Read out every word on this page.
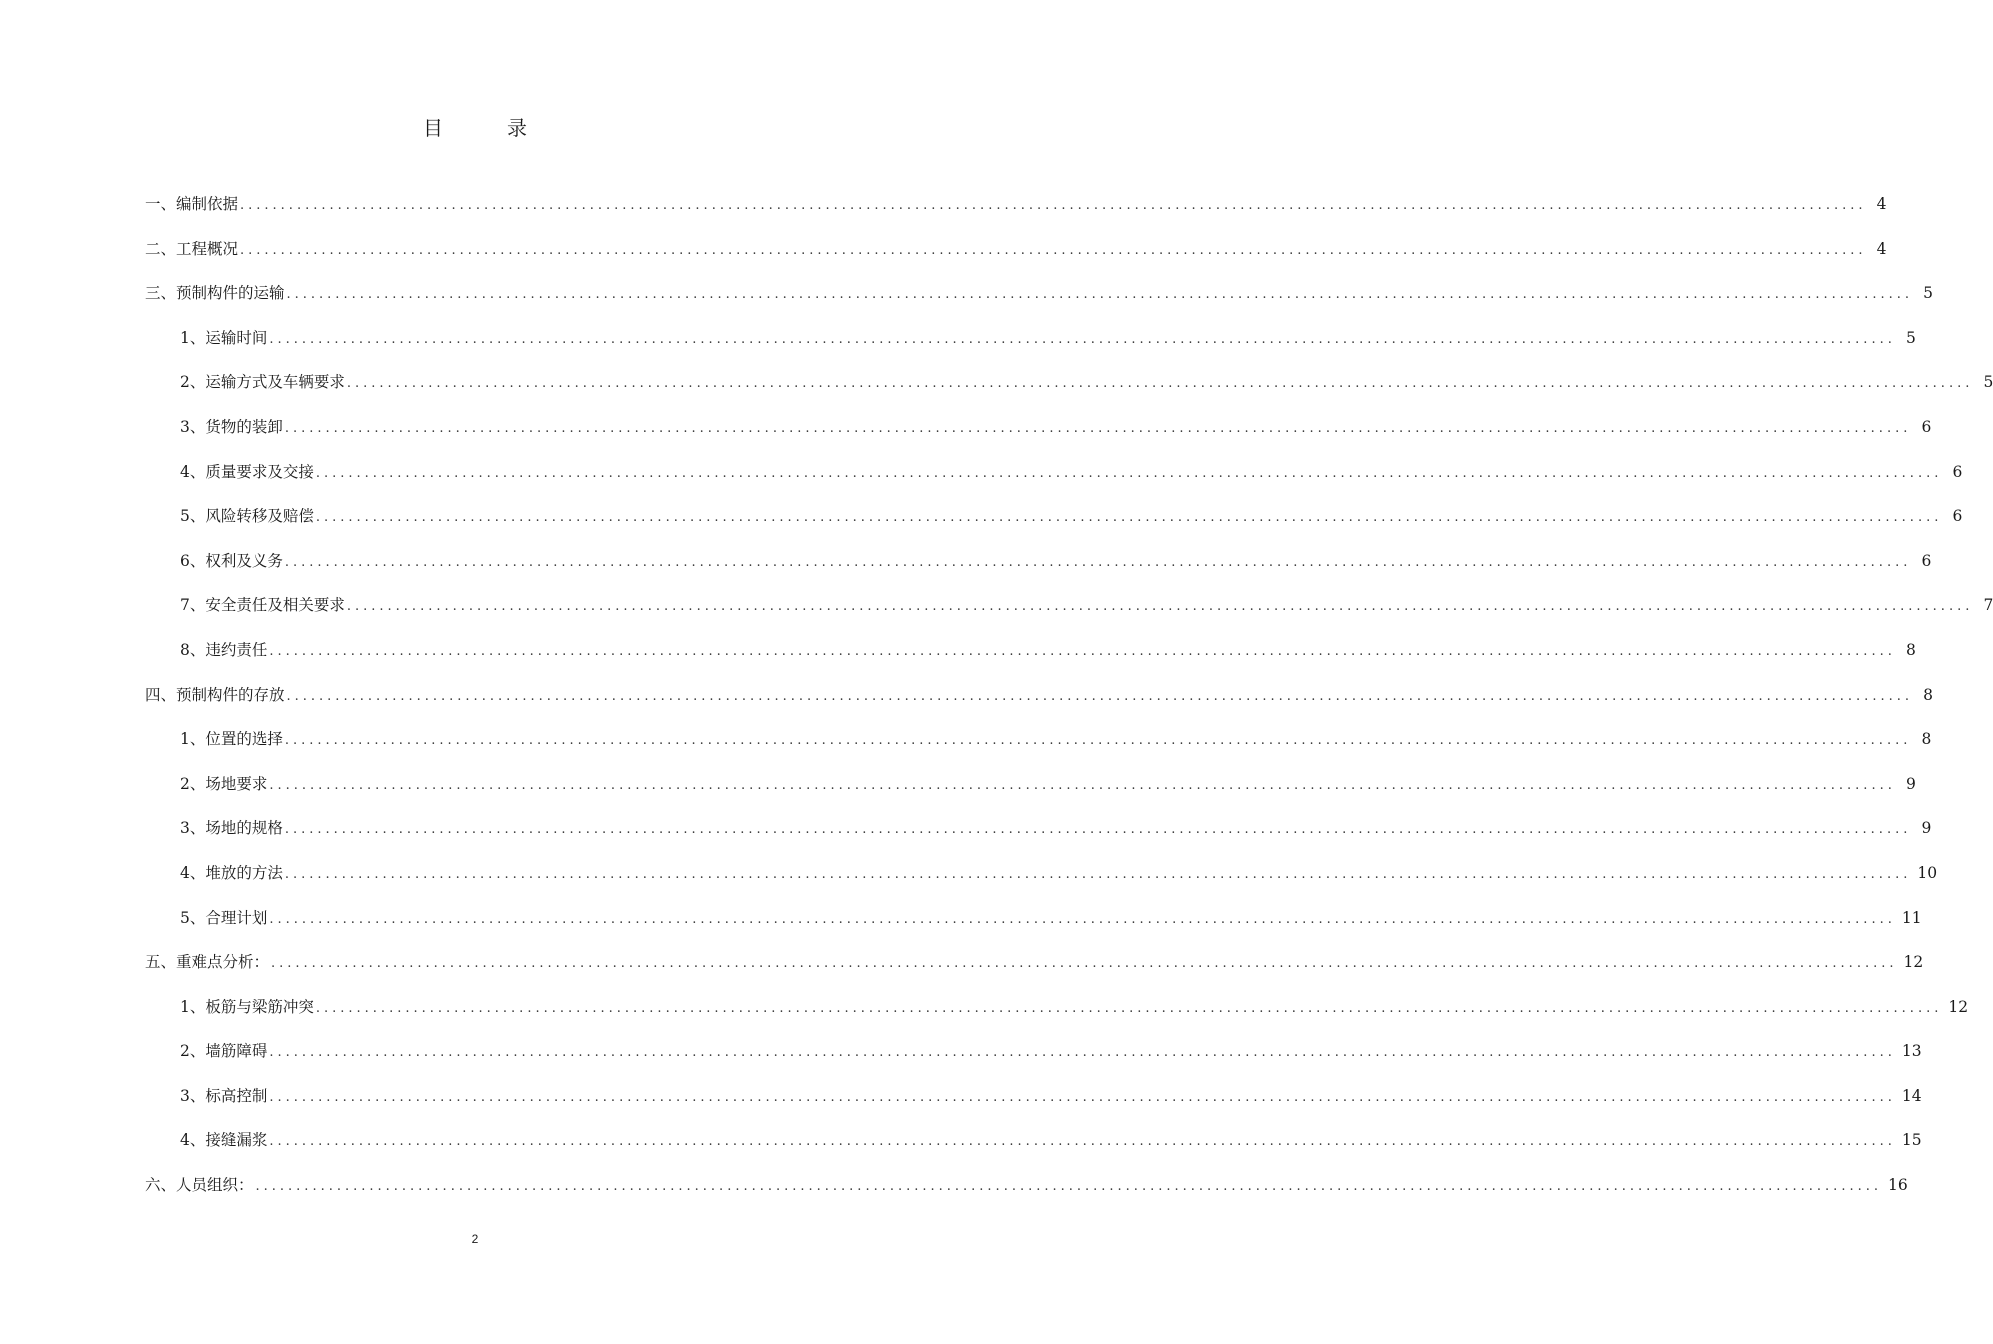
目　录
一、编制依据 ........................................................................................................................................................................................................ 4
二、工程概况 ........................................................................................................................................................................................................ 4
三、预制构件的运输 ........................................................................................................................................................................................................ 5
1、运输时间 ........................................................................................................................................................................................................ 5
2、运输方式及车辆要求 ........................................................................................................................................................................................................ 5
3、货物的装卸 ........................................................................................................................................................................................................ 6
4、质量要求及交接 ........................................................................................................................................................................................................ 6
5、风险转移及赔偿 ........................................................................................................................................................................................................ 6
6、权利及义务 ........................................................................................................................................................................................................ 6
7、安全责任及相关要求 ........................................................................................................................................................................................................ 7
8、违约责任 ........................................................................................................................................................................................................ 8
四、预制构件的存放 ........................................................................................................................................................................................................ 8
1、位置的选择 ........................................................................................................................................................................................................ 8
2、场地要求 ........................................................................................................................................................................................................ 9
3、场地的规格 ........................................................................................................................................................................................................ 9
4、堆放的方法 ........................................................................................................................................................................................................ 10
5、合理计划 ........................................................................................................................................................................................................ 11
五、重难点分析： ........................................................................................................................................................................................................ 12
1、板筋与梁筋冲突 ........................................................................................................................................................................................................ 12
2、墙筋障碍 ........................................................................................................................................................................................................ 13
3、标高控制 ........................................................................................................................................................................................................ 14
4、接缝漏浆 ........................................................................................................................................................................................................ 15
六、人员组织： ........................................................................................................................................................................................................ 16
2
